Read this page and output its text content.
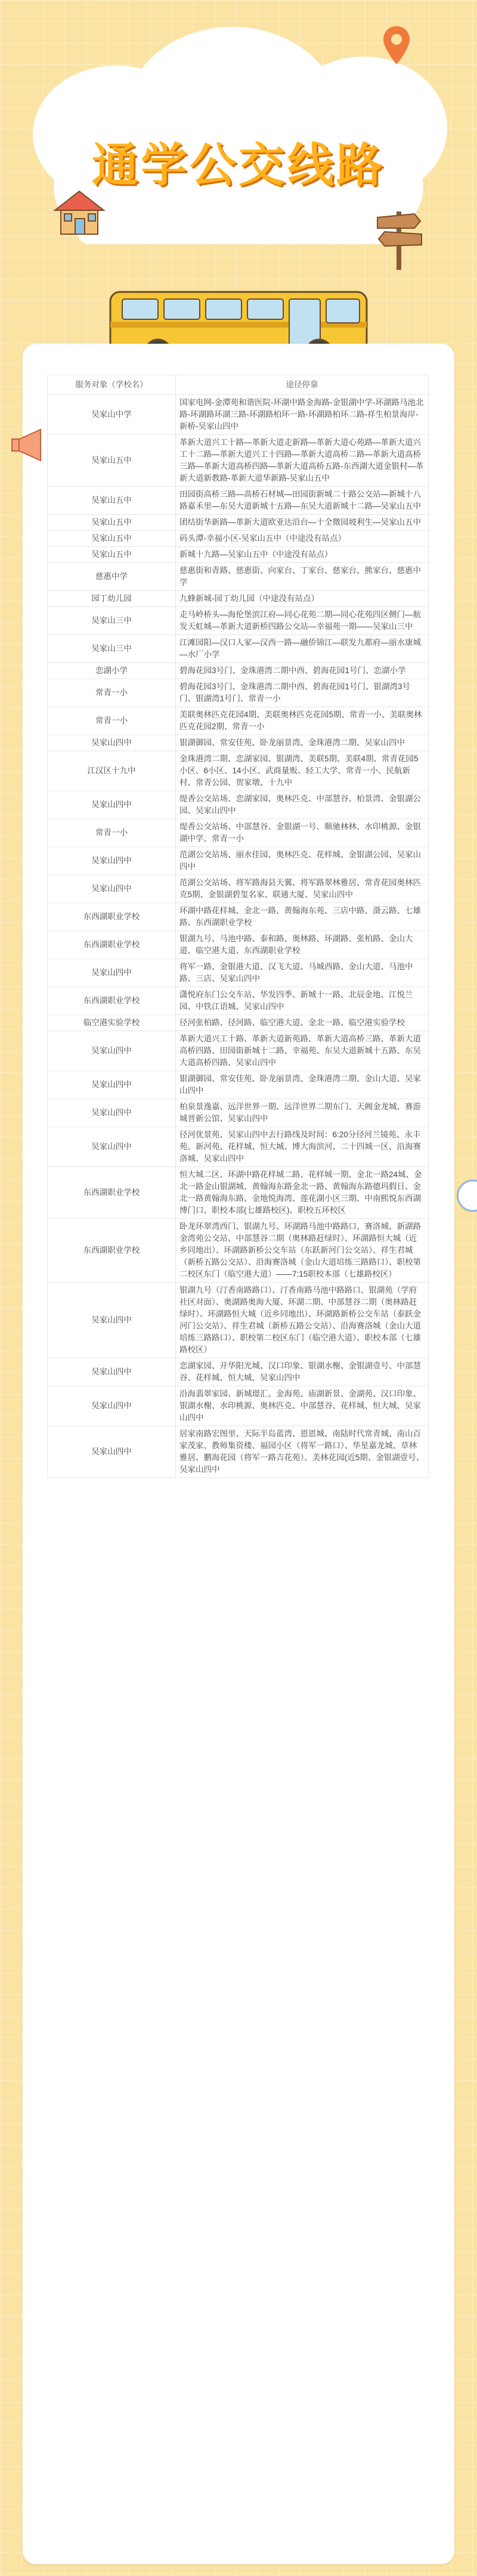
通学公交线路
服务对象（学校名）	途径停靠
吴家山中学	国家电网-金潭苑和谐医院-环湖中路金海路-金银湖中学-环湖路马池北路-环湖路环湖三路-环湖路柏环一路-环湖路柏环二路-祥生柏景海岸-新桥-吴家山四中
吴家山五中	革新大道兴工十路—革新大道走新路—革新大道心苑路—革新大道兴工十二路—革新大道兴工十四路—革新大道高桥二路—革新大道高桥三路—革新大道高桥四路—革新大道高桥五路-东西湖大道金银村—革新大道新教路-革新大道华新路-吴家山五中
吴家山五中	田园街高桥三路—高桥石材城—田园街新城二十路公交站—新城十八路嘉禾里—东吴大道新城十五路—东吴大道新城十二路—吴家山五中
吴家山五中	团结街华新路—革新大道欧亚达沿台—十全微园坡利生—吴家山五中
吴家山五中	码头潭-幸福小区-吴家山五中（中途没有站点）
吴家山五中	新城十九路—吴家山五中（中途没有站点）
慈惠中学	慈惠街和青路、慈惠街、向家台、丁家台、慈家台、熊家台、慈惠中学
园丁幼儿园	九蜂新城-园丁幼儿园（中途没有站点）
吴家山三中	走马岭桥头—海伦堡滨江府—同心花苑二期—同心花苑四区侧门—航发天虹城—革新大道新桥四路公交站—幸福苑一期——吴家山三中
吴家山三中	江滩园阳—汉口人家—汉西一路—融侨锦江—联发九都府—丽水康城—水厂小学
恋湖小学	碧海花园3号门、金珠港湾二期中西、碧海花园1号门、恋湖小学
常青一小	碧海花园3号门、金珠港湾二期中西、碧海花园1号门、银湖湾3号门、银湖湾1号门、常青一小
常青一小	美联奥林匹克花园4期、美联奥林匹克花园5期、常青一小、美联奥林匹克花园2期、常青一小
吴家山四中	银湖御园、常安佳苑、卧龙丽景湾、金珠港湾二期、吴家山四中
江汉区十九中	金珠港湾二期、恋湖家园、银湖湾、美联5期、美联4期、常青花园5小区、6小区、14小区、武商量贩、轻工大学、常青一小、民航新村、常青公园、贺家墩、十九中
吴家山四中	缇香公交站场、恋湖家园、奥林匹克、中部慧谷、柏景湾、金银湖公园、吴家山四中
常青一小	缇香公交站场、中部慧谷、金银湖一号、顺驰林林、水印桃源、金银湖中学、常青一小
吴家山四中	范湖公交站场、丽水佳园、奥林匹克、花样城、金银湖公园、吴家山四中
吴家山四中	范湖公交站场、将军路海县天翼、将军路翠林雅居、常青花园奥林匹克5期、金银湖碧玺名家、联通大厦、吴家山四中
东西湖职业学校	环湖中路花样城、金北一路、黄翰海东苑、三店中路、滠云路、七雄路、东西湖职业学校
东西湖职业学校	银湖九号、马池中路、泰和路、奥林路、环湖路、张柏路、金山大道、临空港大道、东西湖职业学校
吴家山四中	将军一路、金银港大道、汉飞大道、马城西路、金山大道、马池中路、三店、吴家山四中
东西湖职业学校	潇悦府东门公交车站、华发四季、新城十一路、北辰金地、江悦兰园、中铁江语城、吴家山四中
临空港实验学校	径河张柏路、径河路、临空港大道、金北一路、临空港实验学校
吴家山四中	革新大道兴工十路、革新大道新苑路、革新大道高桥三路、革新大道高桥四路、田园街新城十二路、幸福苑、东吴大道新城十五路、东吴大道高桥四路、吴家山四中
吴家山四中	银湖御园、常安佳苑、卧龙丽景湾、金珠港湾二期、金山大道、吴家山四中
吴家山四中	柏泉景逸嘉、远洋世界一期、远洋世界二期东门、天阙金龙城、赛游城晋新公馆、吴家山四中
吴家山四中	径河优景苑、吴家山四中去行路线及时间：6:20分径河兰镜苑、永丰苑、新河苑、花样城、恒大城、博大海滨河、二十四城一区、沿海赛洛城、吴家山四中
东西湖职业学校	恒大城二区、环湖中路花样城二路、花样城一期、金北一路24城、金北一路金山银湖城、黄翰海东路金北一路、黄翰海东路德玛假日、金北一路黄翰海东路、金地悦海湾、莲花湖小区三期、中南熙悦东西湖博门口、职校本部(七雄路校区)、职校五环校区
东西湖职业学校	卧龙环翠湾西门、银湖九号、环湖路马池中路路口、赛洛城、新湖路金湾苑公交站、中部慧谷二期（奥林路赶绿时）、环湖路恒大城（近乡同地出）、环湖路新桥公交车站（东跃新河门公交站）、祥生君城（新桥五路公交站）、沿海赛洛城（金山大道培练三路路口）、职校第二校区东门（临空港大道）——7:15职校本部（七雄路校区）
吴家山四中	银湖九号（汀香南路路口）、汀香南路马池中路路口、银湖苑（学府社区对面）、奥湖路奥海大厦、环湖二期、中部慧谷二期（奥林路赶绿时）、环湖路恒大城（近乡同地出）、环湖路新桥公交车站（泰跃金河门公交站）、祥生君城（新桥五路公交站）、沿海赛洛城（金山大道培练三路路口）、职校第二校区东门（临空港大道）、职校本部（七雄路校区）
吴家山四中	恋湖家园、开华阳光城、汉口印象、银湖水榭、金银湖壹号、中部慧谷、花样城、恒大城、吴家山四中
吴家山四中	沿海翡翠家园、新城璟汇、金海苑、庙湖新景、金湖苑、汉口印象、银湖水榭、水印桃源、奥林匹克、中部慧谷、花样城、恒大城、吴家山四中
吴家山四中	居家南路宏图里、天际半岛蓝湾、恩恩城、南陆时代常青城、南山百家茂家、教师集资楼、福园小区（将军一路口）、华星嘉龙城、草林雅居、鹏海花园（将军一路吉花苑）、美林花园(近5期、金银湖壹号、吴家山四中
